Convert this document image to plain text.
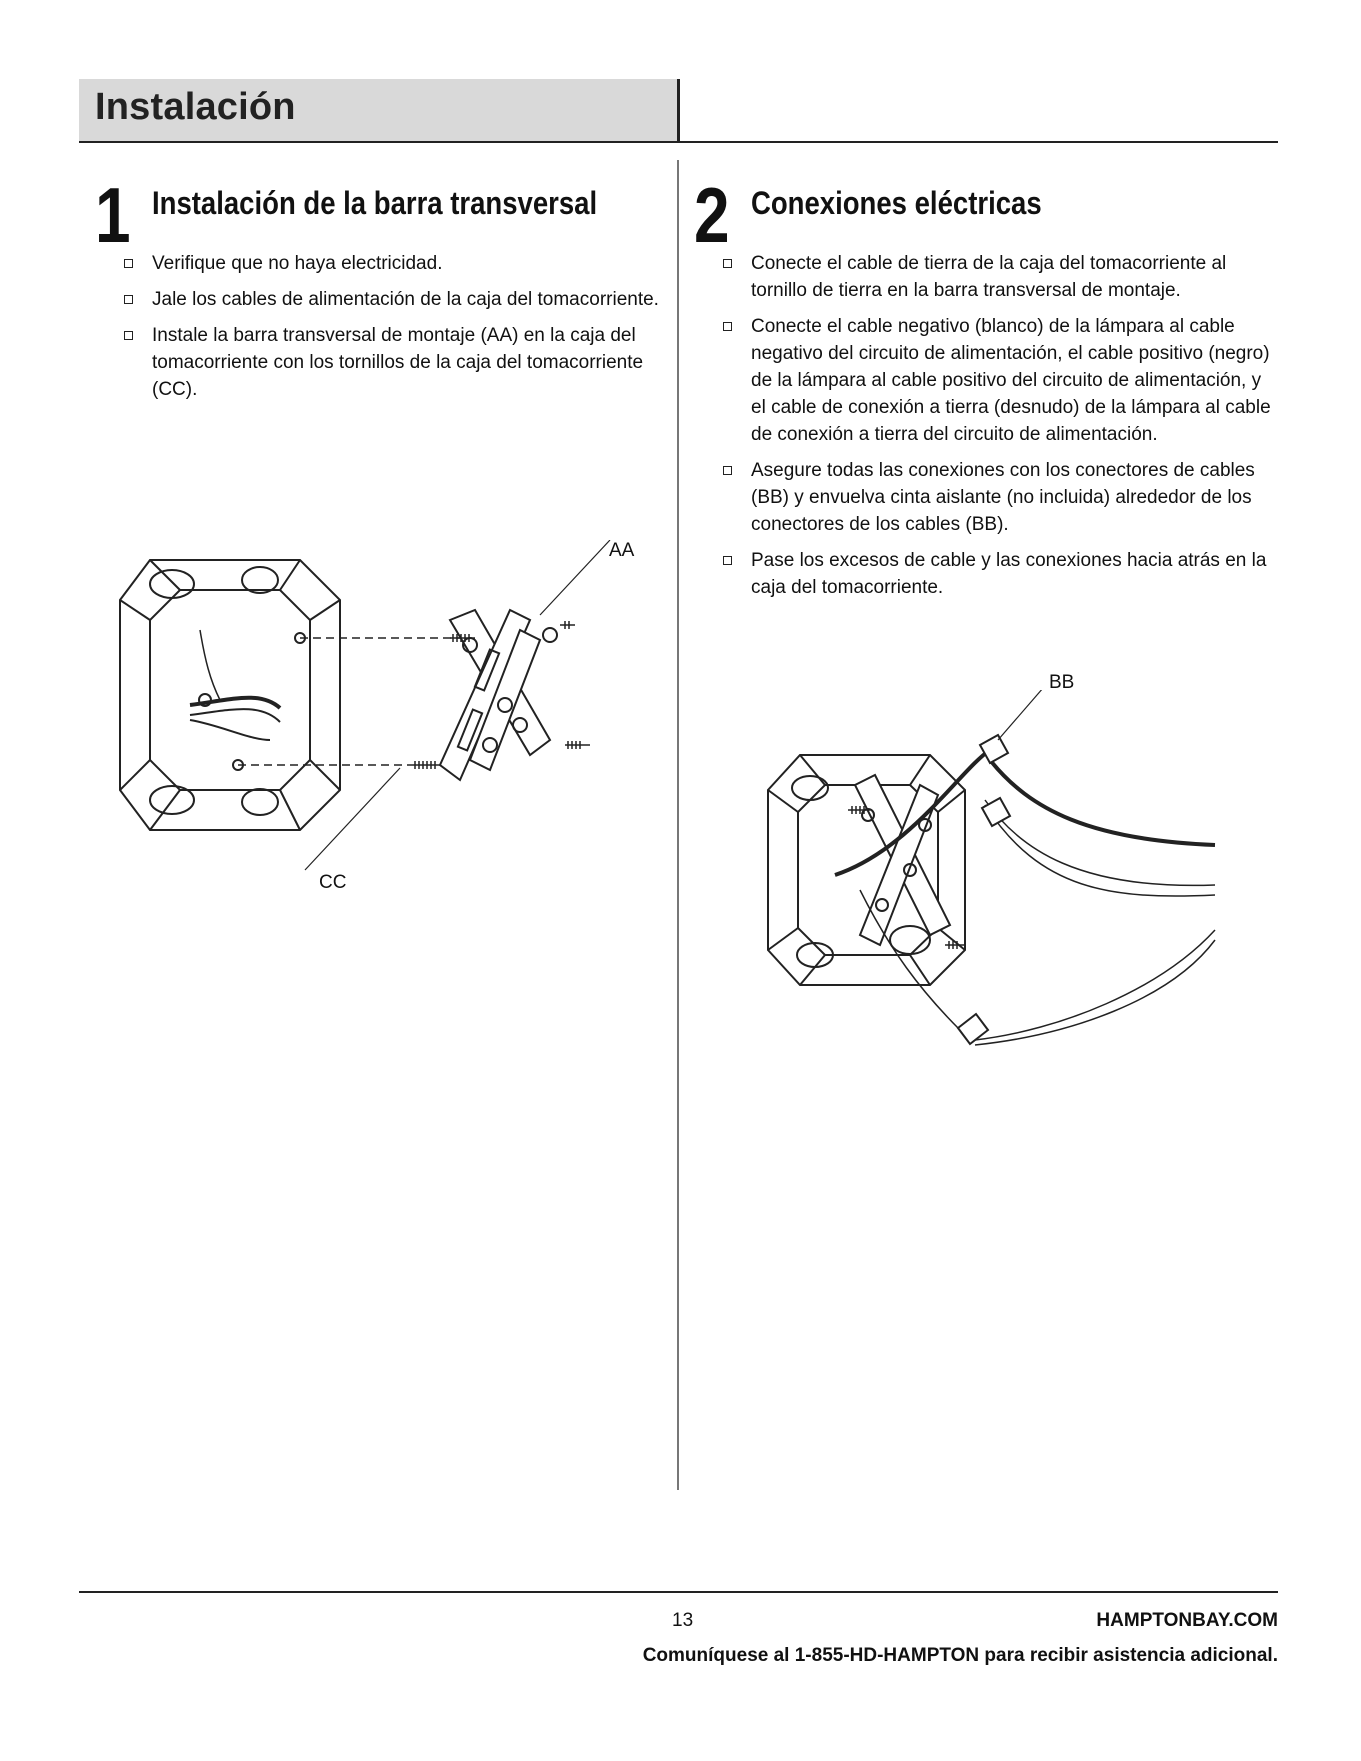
Instalación
1 Instalación de la barra transversal
Verifique que no haya electricidad.
Jale los cables de alimentación de la caja del tomacorriente.
Instale la barra transversal de montaje (AA) en la caja del tomacorriente con los tornillos de la caja del tomacorriente (CC).
AA
CC
2 Conexiones eléctricas
Conecte el cable de tierra de la caja del tomacorriente al tornillo de tierra en la barra transversal de montaje.
Conecte el cable negativo (blanco) de la lámpara al cable negativo del circuito de alimentación, el cable positivo (negro) de la lámpara al cable positivo del circuito de alimentación, y el cable de conexión a tierra (desnudo) de la lámpara al cable de conexión a tierra del circuito de alimentación.
Asegure todas las conexiones con los conectores de cables (BB) y envuelva cinta aislante (no incluida) alrededor de los conectores de los cables (BB).
Pase los excesos de cable y las conexiones hacia atrás en la caja del tomacorriente.
BB
13	HAMPTONBAY.COM
Comuníquese al 1-855-HD-HAMPTON para recibir asistencia adicional.
